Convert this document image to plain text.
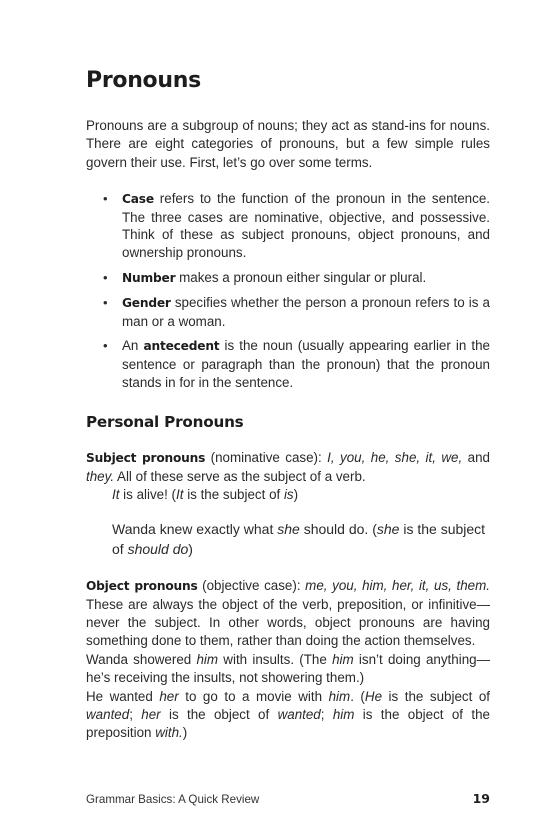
Pronouns

Pronouns are a subgroup of nouns; they act as stand-ins for nouns. There are eight categories of pronouns, but a few simple rules govern their use. First, let’s go over some terms.

• Case refers to the function of the pronoun in the sentence. The three cases are nominative, objective, and possessive. Think of these as subject pronouns, object pronouns, and ownership pronouns.
• Number makes a pronoun either singular or plural.
• Gender specifies whether the person a pronoun refers to is a man or a woman.
• An antecedent is the noun (usually appearing earlier in the sentence or paragraph than the pronoun) that the pronoun stands in for in the sentence.
Personal Pronouns

Subject pronouns (nominative case): I, you, he, she, it, we, and they. All of these serve as the subject of a verb.

It is alive! (It is the subject of is)
Wanda knew exactly what she should do. (she is the subject of should do)

Object pronouns (objective case): me, you, him, her, it, us, them. These are always the object of the verb, preposition, or infinitive—never the subject. In other words, object pronouns are having something done to them, rather than doing the action themselves.

Wanda showered him with insults. (The him isn’t doing anything—he’s receiving the insults, not showering them.)

He wanted her to go to a movie with him. (He is the subject of wanted; her is the object of wanted; him is the object of the preposition with.)

Grammar Basics: A Quick Review	19
